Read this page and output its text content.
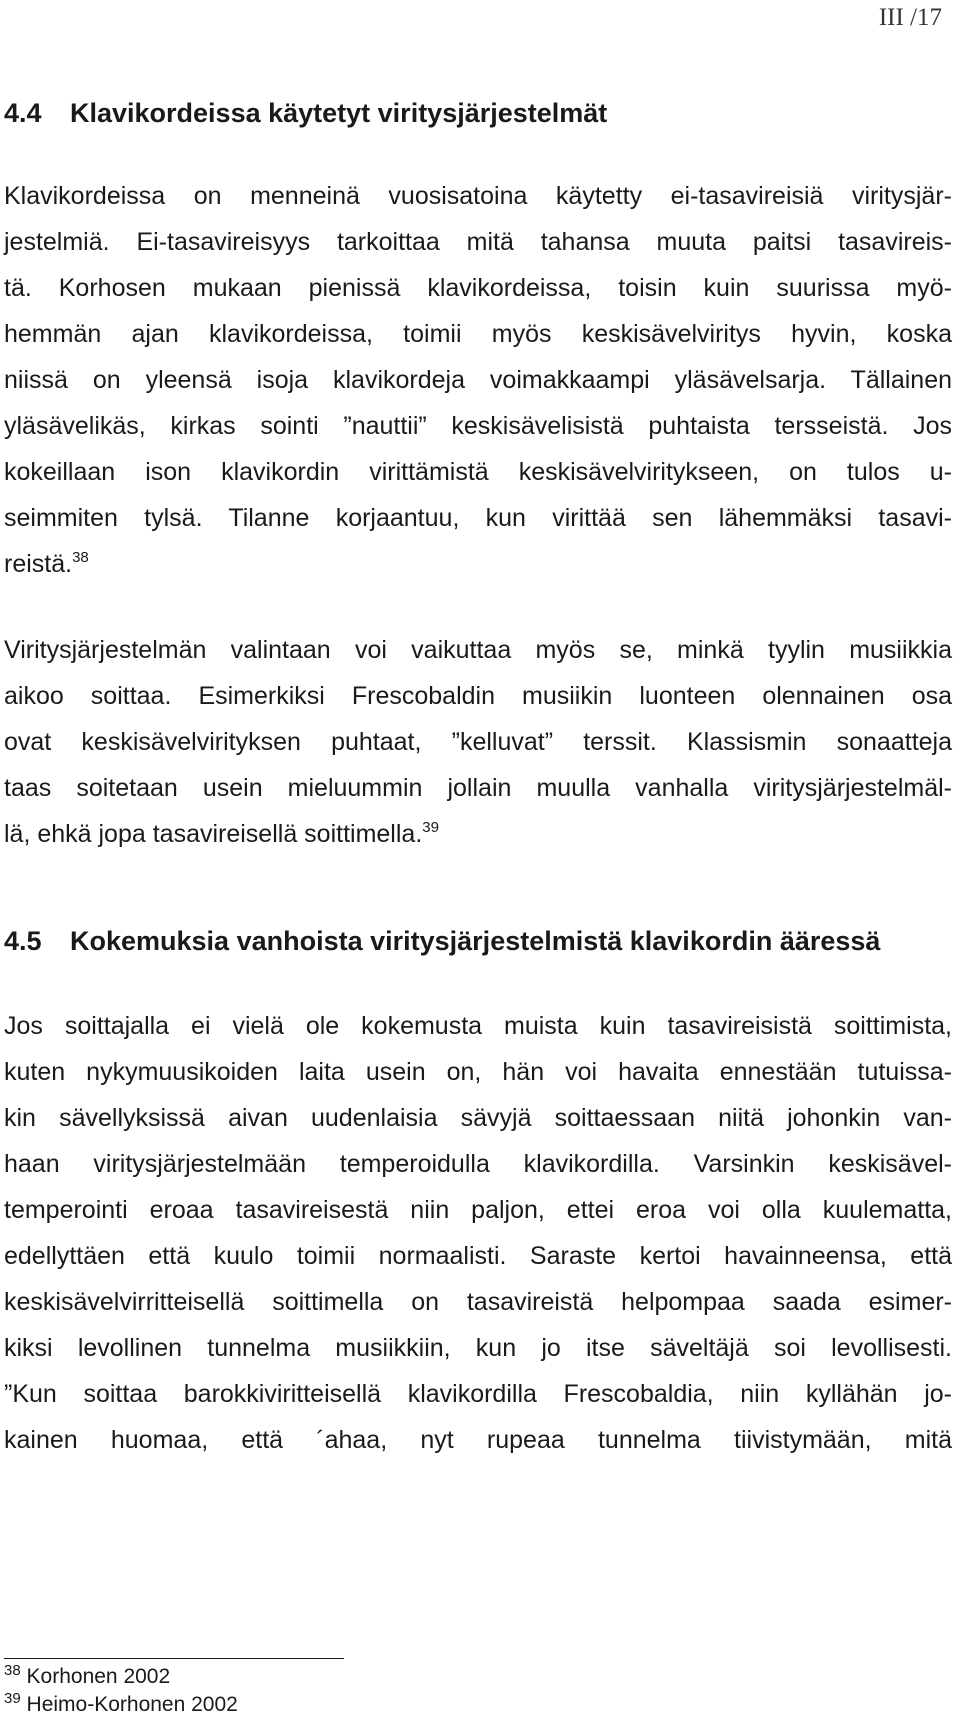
III /17
4.4 Klavikordeissa käytetyt viritysjärjestelmät
Klavikordeissa on menneinä vuosisatoina käytetty ei-tasavireisiä viritysjär-
jestelmiä. Ei-tasavireisyys tarkoittaa mitä tahansa muuta paitsi tasavireis-
tä. Korhosen mukaan pienissä klavikordeissa, toisin kuin suurissa myö-
hemmän ajan klavikordeissa, toimii myös keskisävelviritys hyvin, koska
niissä on yleensä isoja klavikordeja voimakkaampi yläsävelsarja. Tällainen
yläsävelikäs, kirkas sointi ”nauttii” keskisävelisistä puhtaista tersseistä. Jos
kokeillaan ison klavikordin virittämistä keskisävelviritykseen, on tulos u-
seimmiten tylsä. Tilanne korjaantuu, kun virittää sen lähemmäksi tasavi-
reistä.$^{38}$
Viritysjärjestelmän valintaan voi vaikuttaa myös se, minkä tyylin musiikkia
aikoo soittaa. Esimerkiksi Frescobaldin musiikin luonteen olennainen osa
ovat keskisävelvirityksen puhtaat, ”kelluvat” terssit. Klassismin sonaatteja
taas soitetaan usein mieluummin jollain muulla vanhalla viritysjärjestelmäl-
lä, ehkä jopa tasavireisellä soittimella.$^{39}$
4.5 Kokemuksia vanhoista viritysjärjestelmistä klavikordin ääressä
Jos soittajalla ei vielä ole kokemusta muista kuin tasavireisistä soittimista,
kuten nykymuusikoiden laita usein on, hän voi havaita ennestään tutuissa-
kin sävellyksissä aivan uudenlaisia sävyjä soittaessaan niitä johonkin van-
haan viritysjärjestelmään temperoidulla klavikordilla. Varsinkin keskisävel-
temperointi eroaa tasavireisestä niin paljon, ettei eroa voi olla kuulematta,
edellyttäen että kuulo toimii normaalisti. Saraste kertoi havainneensa, että
keskisävelvirritteisellä soittimella on tasavireistä helpompaa saada esimer-
kiksi levollinen tunnelma musiikkiin, kun jo itse säveltäjä soi levollisesti.
”Kun soittaa barokkiviritteisellä klavikordilla Frescobaldia, niin kyllähän jo-
kainen huomaa, että ´ahaa, nyt rupeaa tunnelma tiivistymään, mitä
$^{38}$ Korhonen 2002
$^{39}$ Heimo-Korhonen 2002
